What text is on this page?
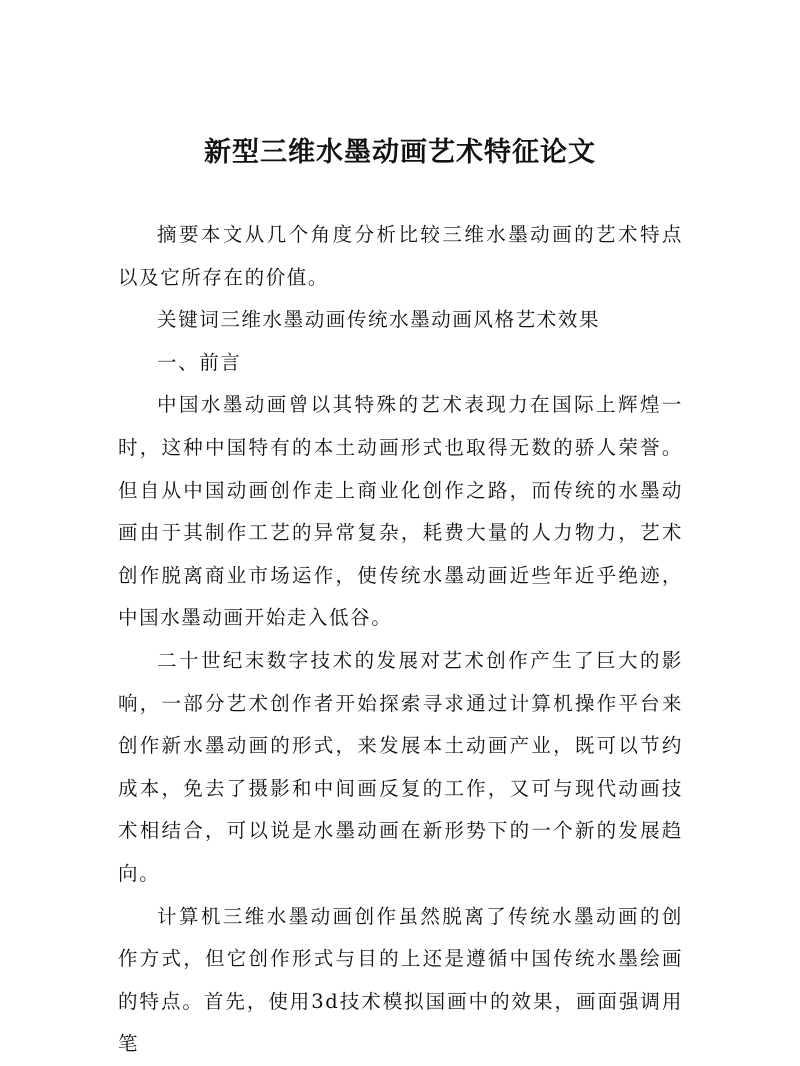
新型三维水墨动画艺术特征论文

摘要本文从几个角度分析比较三维水墨动画的艺术特点以及它所存在的价值。

关键词三维水墨动画传统水墨动画风格艺术效果

一、前言

中国水墨动画曾以其特殊的艺术表现力在国际上辉煌一时，这种中国特有的本土动画形式也取得无数的骄人荣誉。但自从中国动画创作走上商业化创作之路，而传统的水墨动画由于其制作工艺的异常复杂，耗费大量的人力物力，艺术创作脱离商业市场运作，使传统水墨动画近些年近乎绝迹，中国水墨动画开始走入低谷。

二十世纪末数字技术的发展对艺术创作产生了巨大的影响，一部分艺术创作者开始探索寻求通过计算机操作平台来创作新水墨动画的形式，来发展本土动画产业，既可以节约成本，免去了摄影和中间画反复的工作，又可与现代动画技术相结合，可以说是水墨动画在新形势下的一个新的发展趋向。

计算机三维水墨动画创作虽然脱离了传统水墨动画的创作方式，但它创作形式与目的上还是遵循中国传统水墨绘画的特点。首先，使用3d技术模拟国画中的效果，画面强调用笔
